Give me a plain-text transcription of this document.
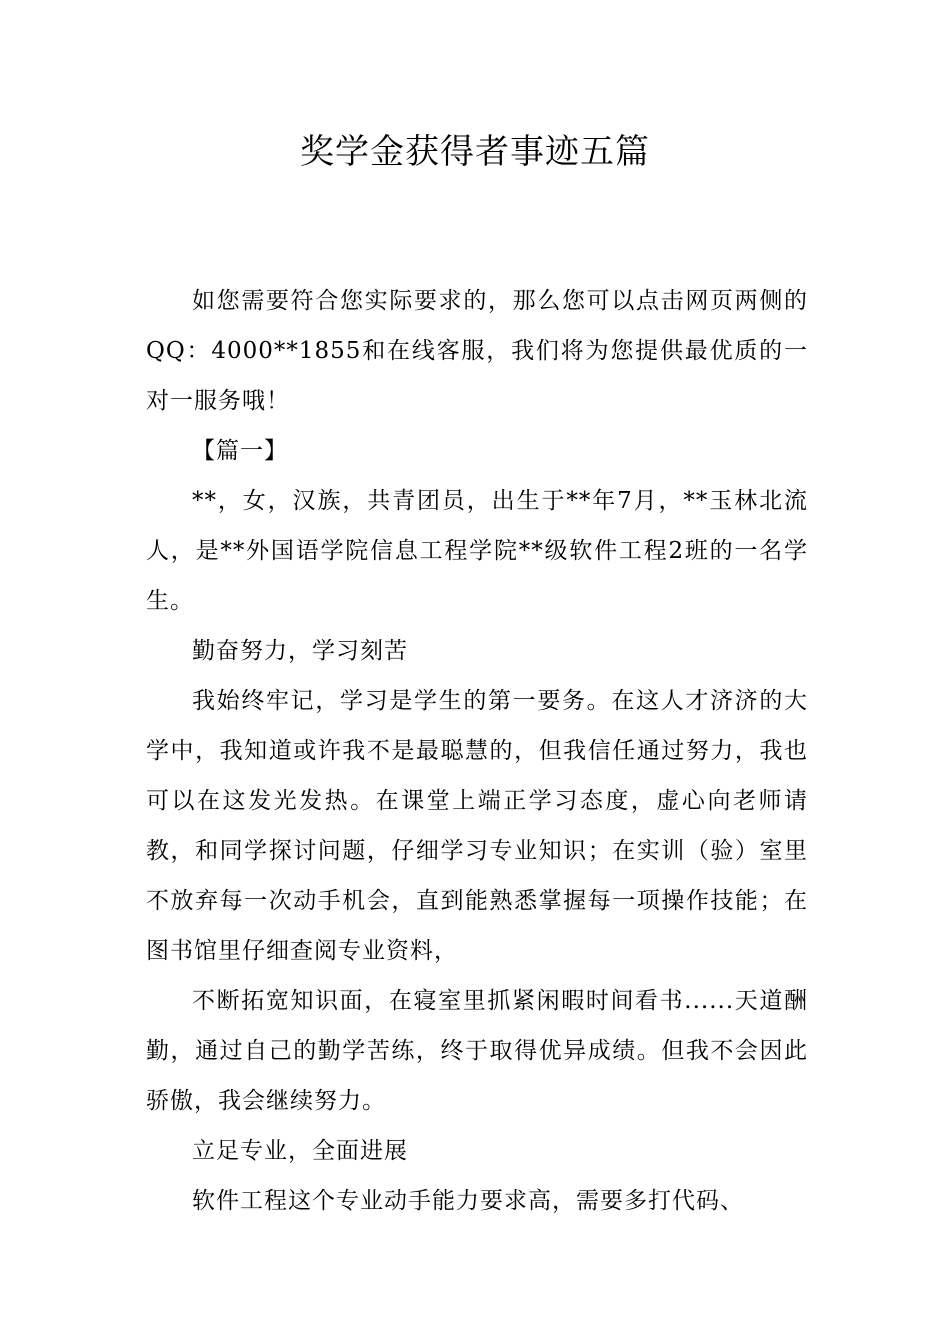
奖学金获得者事迹五篇

如您需要符合您实际要求的，那么您可以点击网页两侧的QQ：4000**1855和在线客服，我们将为您提供最优质的一对一服务哦！

【篇一】

**，女，汉族，共青团员，出生于**年7月，**玉林北流人，是**外国语学院信息工程学院**级软件工程2班的一名学生。

勤奋努力，学习刻苦

我始终牢记，学习是学生的第一要务。在这人才济济的大学中，我知道或许我不是最聪慧的，但我信任通过努力，我也可以在这发光发热。在课堂上端正学习态度，虚心向老师请教，和同学探讨问题，仔细学习专业知识；在实训（验）室里不放弃每一次动手机会，直到能熟悉掌握每一项操作技能；在图书馆里仔细查阅专业资料，

不断拓宽知识面，在寝室里抓紧闲暇时间看书......天道酬勤，通过自己的勤学苦练，终于取得优异成绩。但我不会因此骄傲，我会继续努力。

立足专业，全面进展

软件工程这个专业动手能力要求高，需要多打代码、
